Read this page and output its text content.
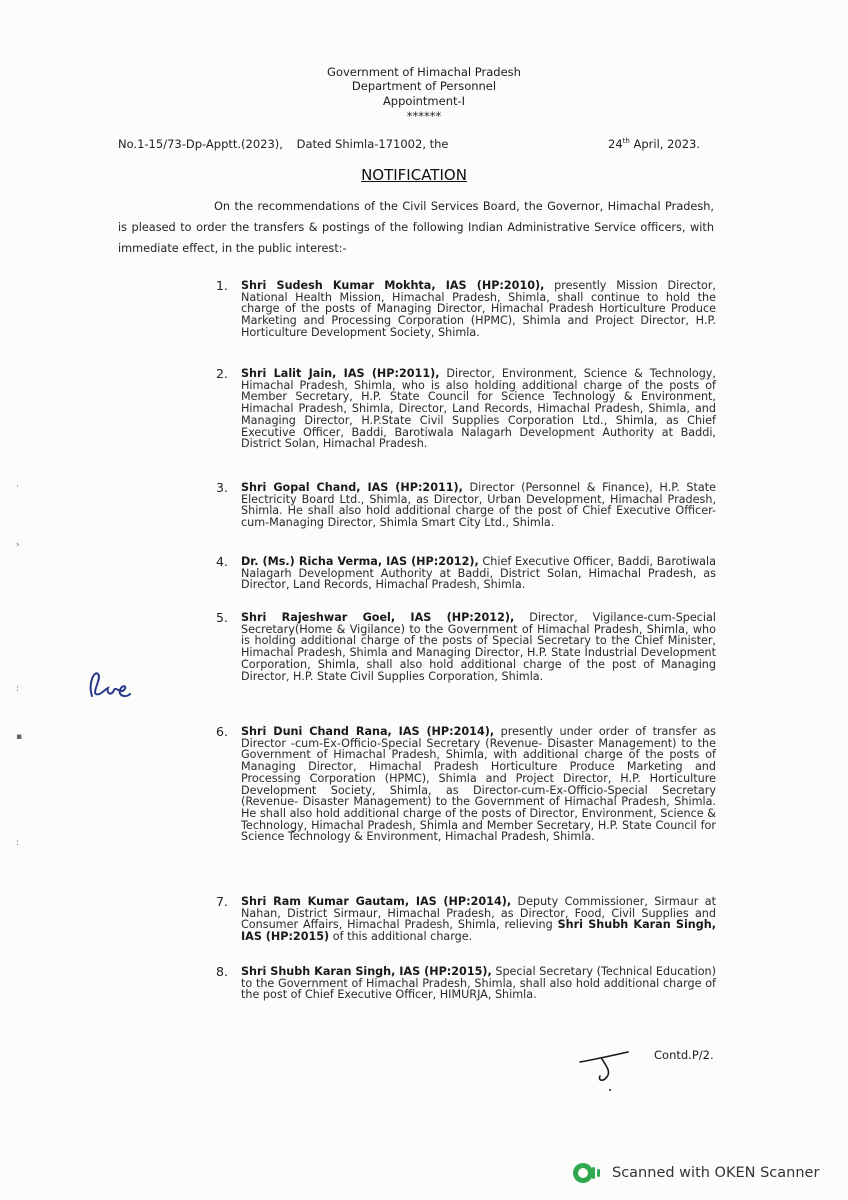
Government of Himachal Pradesh
Department of Personnel
Appointment-I
******
No.1-15/73-Dp-Apptt.(2023), Dated Shimla-171002, the	24th April, 2023.
NOTIFICATION
On the recommendations of the Civil Services Board, the Governor, Himachal Pradesh, is pleased to order the transfers & postings of the following Indian Administrative Service officers, with immediate effect, in the public interest:-
1.	Shri Sudesh Kumar Mokhta, IAS (HP:2010), presently Mission Director, National Health Mission, Himachal Pradesh, Shimla, shall continue to hold the charge of the posts of Managing Director, Himachal Pradesh Horticulture Produce Marketing and Processing Corporation (HPMC), Shimla and Project Director, H.P. Horticulture Development Society, Shimla.
2.	Shri Lalit Jain, IAS (HP:2011), Director, Environment, Science & Technology, Himachal Pradesh, Shimla, who is also holding additional charge of the posts of Member Secretary, H.P. State Council for Science Technology & Environment, Himachal Pradesh, Shimla, Director, Land Records, Himachal Pradesh, Shimla, and Managing Director, H.P.State Civil Supplies Corporation Ltd., Shimla, as Chief Executive Officer, Baddi, Barotiwala Nalagarh Development Authority at Baddi, District Solan, Himachal Pradesh.
3.	Shri Gopal Chand, IAS (HP:2011), Director (Personnel & Finance), H.P. State Electricity Board Ltd., Shimla, as Director, Urban Development, Himachal Pradesh, Shimla. He shall also hold additional charge of the post of Chief Executive Officer-cum-Managing Director, Shimla Smart City Ltd., Shimla.
4.	Dr. (Ms.) Richa Verma, IAS (HP:2012), Chief Executive Officer, Baddi, Barotiwala Nalagarh Development Authority at Baddi, District Solan, Himachal Pradesh, as Director, Land Records, Himachal Pradesh, Shimla.
5.	Shri Rajeshwar Goel, IAS (HP:2012), Director, Vigilance-cum-Special Secretary(Home & Vigilance) to the Government of Himachal Pradesh, Shimla, who is holding additional charge of the posts of Special Secretary to the Chief Minister, Himachal Pradesh, Shimla and Managing Director, H.P. State Industrial Development Corporation, Shimla, shall also hold additional charge of the post of Managing Director, H.P. State Civil Supplies Corporation, Shimla.
6.	Shri Duni Chand Rana, IAS (HP:2014), presently under order of transfer as Director -cum-Ex-Officio-Special Secretary (Revenue- Disaster Management) to the Government of Himachal Pradesh, Shimla, with additional charge of the posts of Managing Director, Himachal Pradesh Horticulture Produce Marketing and Processing Corporation (HPMC), Shimla and Project Director, H.P. Horticulture Development Society, Shimla, as Director-cum-Ex-Officio-Special Secretary (Revenue- Disaster Management) to the Government of Himachal Pradesh, Shimla. He shall also hold additional charge of the posts of Director, Environment, Science & Technology, Himachal Pradesh, Shimla and Member Secretary, H.P. State Council for Science Technology & Environment, Himachal Pradesh, Shimla.
7.	Shri Ram Kumar Gautam, IAS (HP:2014), Deputy Commissioner, Sirmaur at Nahan, District Sirmaur, Himachal Pradesh, as Director, Food, Civil Supplies and Consumer Affairs, Himachal Pradesh, Shimla, relieving Shri Shubh Karan Singh, IAS (HP:2015) of this additional charge.
8.	Shri Shubh Karan Singh, IAS (HP:2015), Special Secretary (Technical Education) to the Government of Himachal Pradesh, Shimla, shall also hold additional charge of the post of Chief Executive Officer, HIMURJA, Shimla.
Contd.P/2.
·
›
:
▪
:
Scanned with OKEN Scanner
